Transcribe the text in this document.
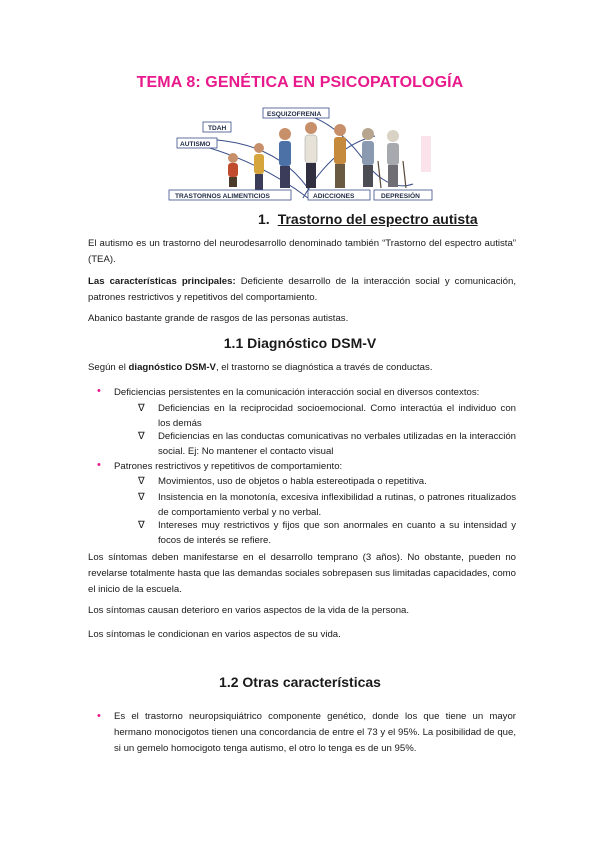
TEMA 8: GENÉTICA EN PSICOPATOLOGÍA
ESQUIZOFRENIA
TDAH
AUTISMO
TRASTORNOS ALIMENTICIOS	ADICCIONES	DEPRESIÓN
1. Trastorno del espectro autista
El autismo es un trastorno del neurodesarrollo denominado también “Trastorno del espectro autista” (TEA).
Las características principales: Deficiente desarrollo de la interacción social y comunicación, patrones restrictivos y repetitivos del comportamiento.
Abanico bastante grande de rasgos de las personas autistas.
1.1 Diagnóstico DSM-V
Según el diagnóstico DSM-V, el trastorno se diagnóstica a través de conductas.
• Deficiencias persistentes en la comunicación interacción social en diversos contextos:
∇ Deficiencias en la reciprocidad socioemocional. Como interactúa el individuo con los demás
∇ Deficiencias en las conductas comunicativas no verbales utilizadas en la interacción social. Ej: No mantener el contacto visual
• Patrones restrictivos y repetitivos de comportamiento:
∇ Movimientos, uso de objetos o habla estereotipada o repetitiva.
∇ Insistencia en la monotonía, excesiva inflexibilidad a rutinas, o patrones ritualizados de comportamiento verbal y no verbal.
∇ Intereses muy restrictivos y fijos que son anormales en cuanto a su intensidad y focos de interés se refiere.
Los síntomas deben manifestarse en el desarrollo temprano (3 años). No obstante, pueden no revelarse totalmente hasta que las demandas sociales sobrepasen sus limitadas capacidades, como el inicio de la escuela.
Los síntomas causan deterioro en varios aspectos de la vida de la persona.
Los síntomas le condicionan en varios aspectos de su vida.
1.2 Otras características
• Es el trastorno neuropsiquiátrico componente genético, donde los que tiene un mayor hermano monocigotos tienen una concordancia de entre el 73 y el 95%. La posibilidad de que, si un gemelo homocigoto tenga autismo, el otro lo tenga es de un 95%.
